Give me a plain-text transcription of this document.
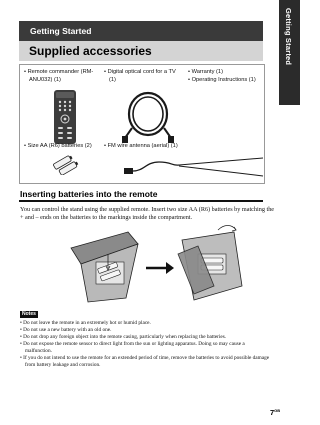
Getting Started
Getting Started
Supplied accessories
• Remote commander (RM-
ANU032) (1)
• Digital optical cord for a TV
(1)
• Warranty (1)
• Operating Instructions (1)
• Size AA (R6) batteries (2) • FM wire antenna (aerial) (1)
Inserting batteries into the remote
You can control the stand using the supplied remote. Insert two size AA (R6) batteries by matching the
+ and – ends on the batteries to the markings inside the compartment.
Notes
• Do not leave the remote in an extremely hot or humid place.
• Do not use a new battery with an old one.
• Do not drop any foreign object into the remote casing, particularly when replacing the batteries.
• Do not expose the remote sensor to direct light from the sun or lighting apparatus. Doing so may cause a
malfunction.
• If you do not intend to use the remote for an extended period of time, remove the batteries to avoid possible damage
from battery leakage and corrosion.
$7^{GB}$
